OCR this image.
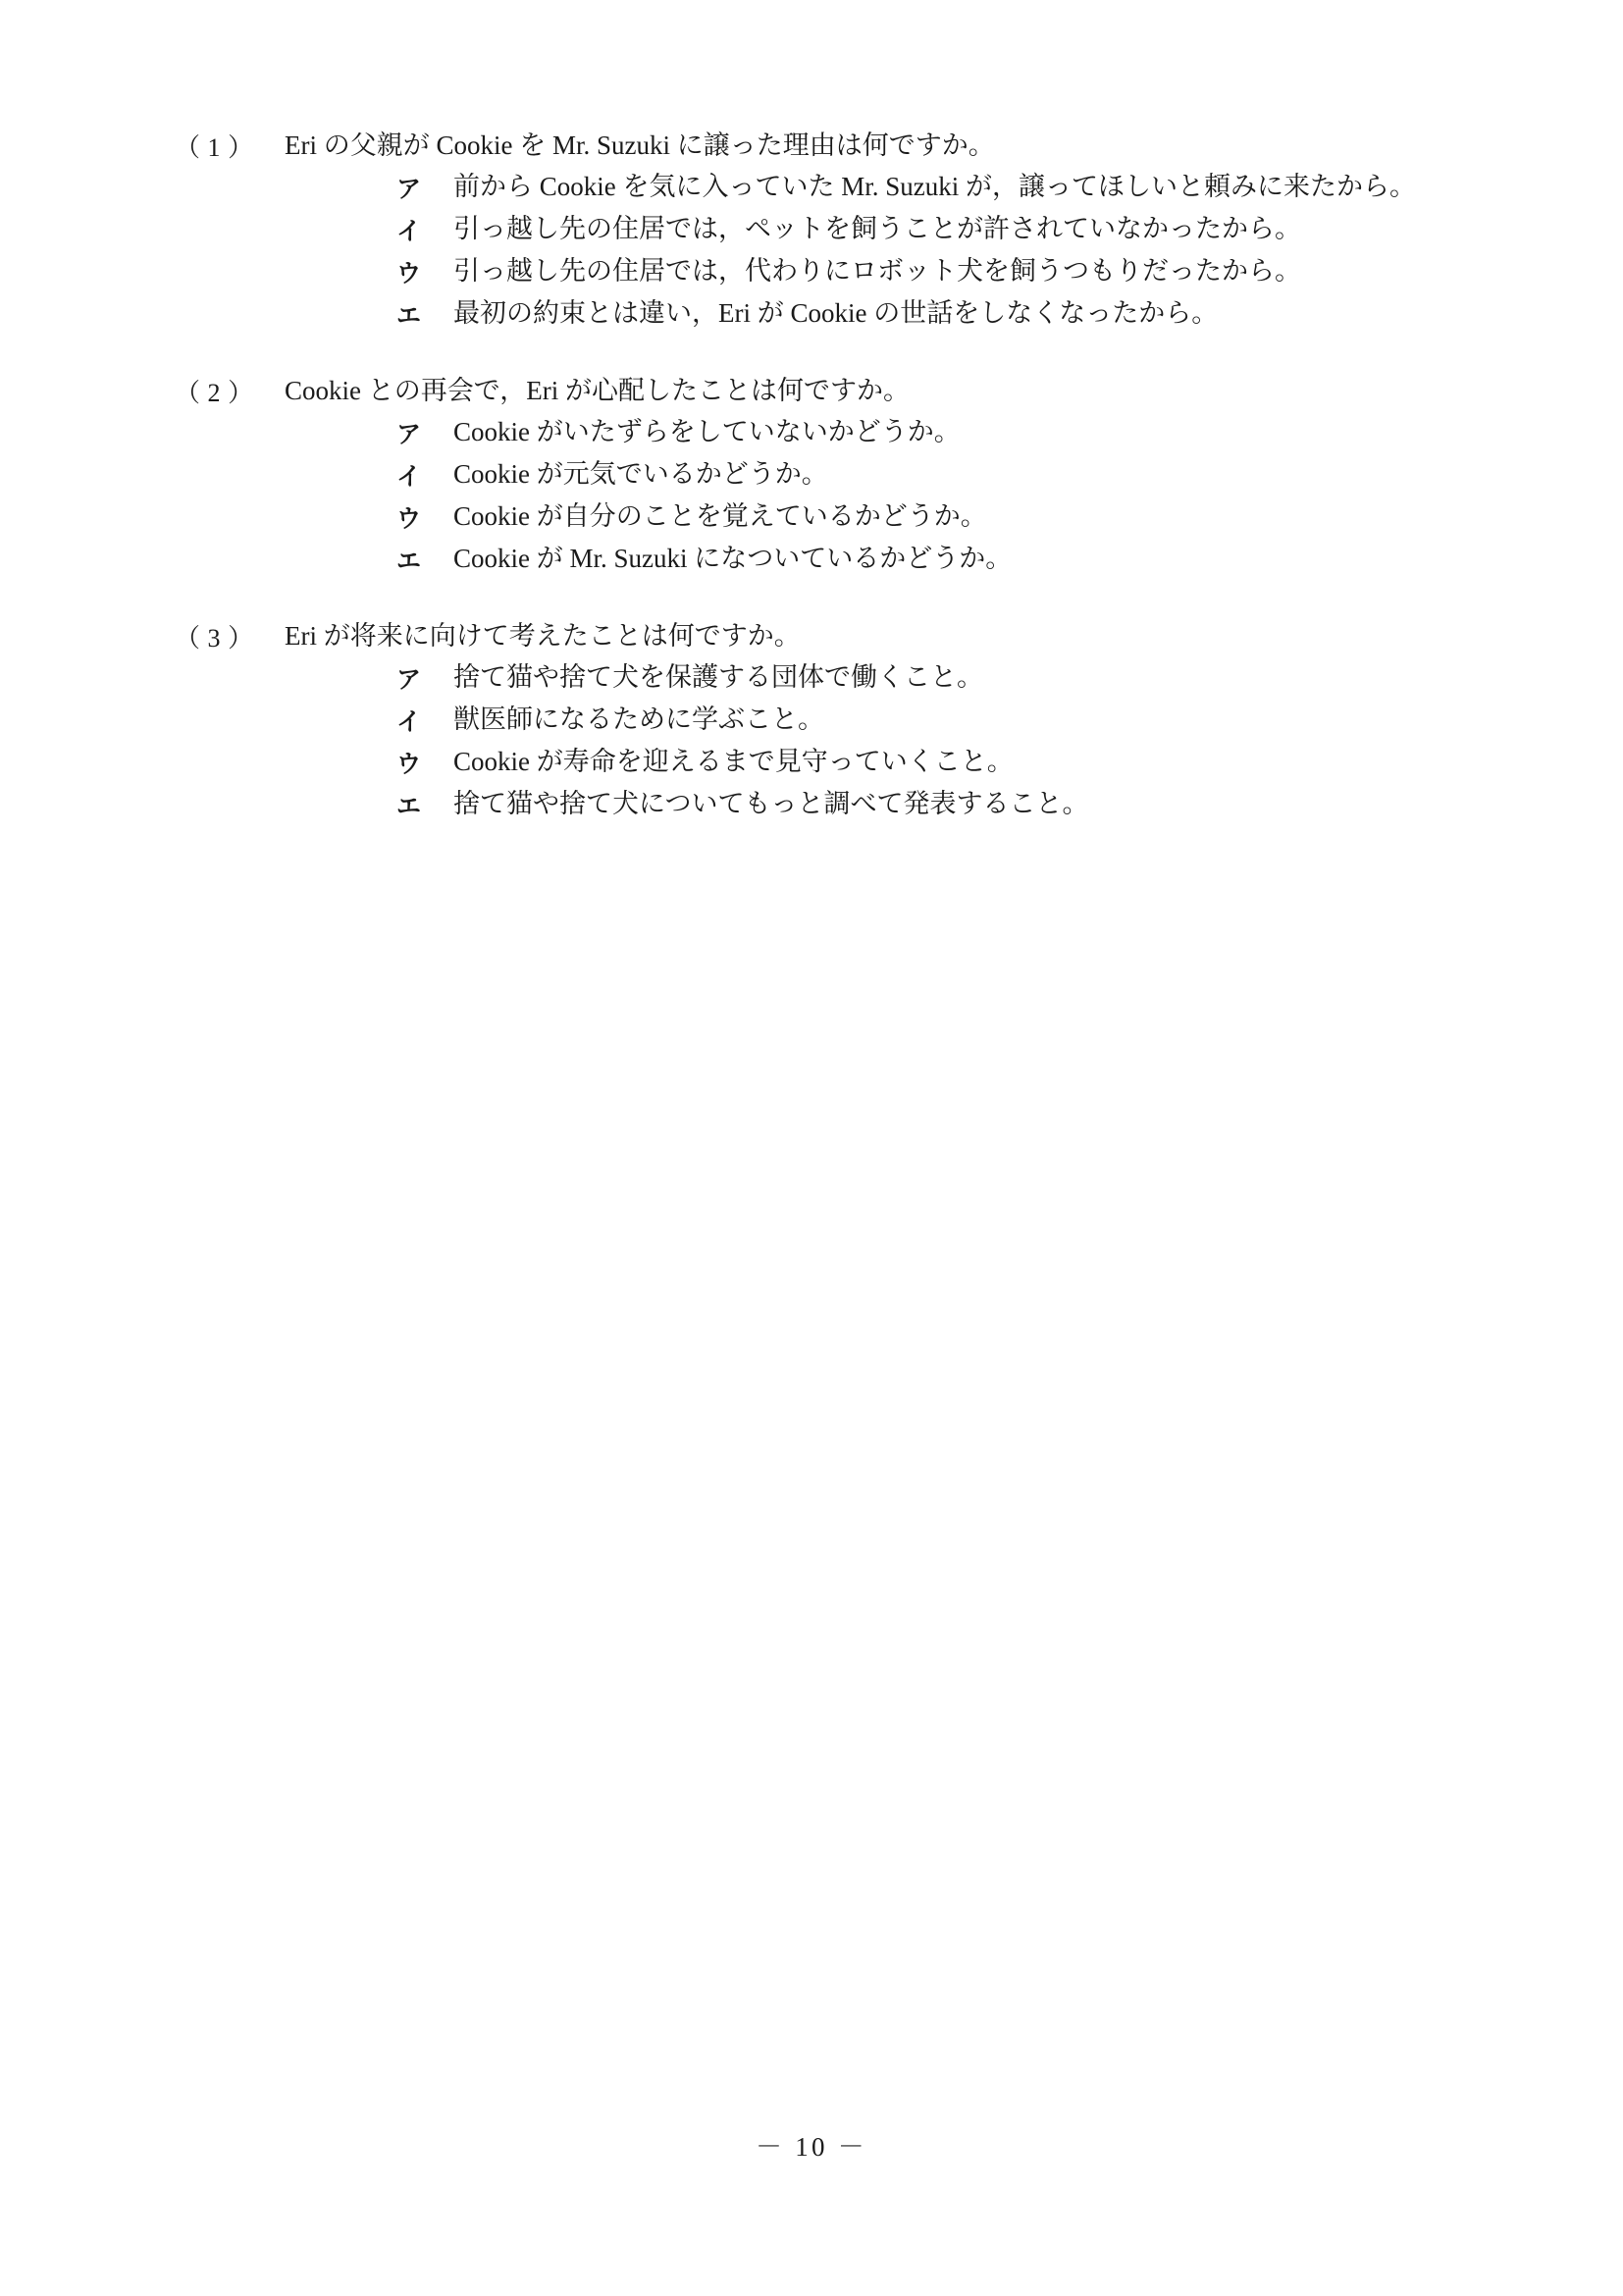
（ 1 ）	Eri の父親が Cookie を Mr. Suzuki に譲った理由は何ですか。
ア	前から Cookie を気に入っていた Mr. Suzuki が，譲ってほしいと頼みに来たから。
イ	引っ越し先の住居では，ペットを飼うことが許されていなかったから。
ウ	引っ越し先の住居では，代わりにロボット犬を飼うつもりだったから。
エ	最初の約束とは違い，Eri が Cookie の世話をしなくなったから。
（ 2 ）	Cookie との再会で，Eri が心配したことは何ですか。
ア	Cookie がいたずらをしていないかどうか。
イ	Cookie が元気でいるかどうか。
ウ	Cookie が自分のことを覚えているかどうか。
エ	Cookie が Mr. Suzuki になついているかどうか。
（ 3 ）	Eri が将来に向けて考えたことは何ですか。
ア	捨て猫や捨て犬を保護する団体で働くこと。
イ	獣医師になるために学ぶこと。
ウ	Cookie が寿命を迎えるまで見守っていくこと。
エ	捨て猫や捨て犬についてもっと調べて発表すること。
－ 10 －
